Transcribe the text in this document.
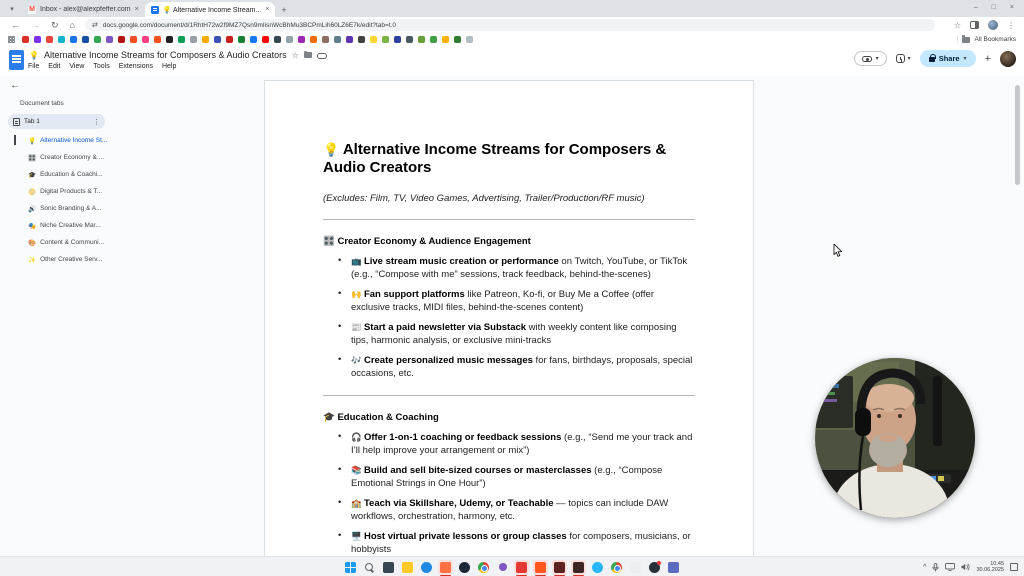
▾	M Inbox - alex@alexpfeffer.com ×	💡 Alternative Income Stream... × +	– □ ×
← → ↻ ⌂ ⇄ docs.google.com/document/d/1RhtH72w2f9MZ7Qsn9mIisnWcBhMu3BCPmLih60LZ6E7k/edit?tab=t.0	☆	⋮
| All Bookmarks
💡 Alternative Income Streams for Composers & Audio Creators ☆
File Edit View Tools Extensions Help
▾	▾	Share ▾ +
←
Document tabs
Tab 1	⋮
💡 Alternative Income St...
🎛️ Creator Economy & ...
🎓 Education & Coachi...
📀 Digital Products & T...
🔊 Sonic Branding & A...
🎭 Niche Creative Mar...
🎨 Content & Communi...
✨ Other Creative Serv...
💡 Alternative Income Streams for Composers & Audio Creators
(Excludes: Film, TV, Video Games, Advertising, Trailer/Production/RF music)
🎛️ Creator Economy & Audience Engagement
• 📺 Live stream music creation or performance on Twitch, YouTube, or TikTok (e.g., “Compose with me” sessions, track feedback, behind-the-scenes)
• 🙌 Fan support platforms like Patreon, Ko-fi, or Buy Me a Coffee (offer exclusive tracks, MIDI files, behind-the-scenes content)
• 📰 Start a paid newsletter via Substack with weekly content like composing tips, harmonic analysis, or exclusive mini-tracks
• 🎶 Create personalized music messages for fans, birthdays, proposals, special occasions, etc.
🎓 Education & Coaching
• 🎧 Offer 1-on-1 coaching or feedback sessions (e.g., “Send me your track and I’ll help improve your arrangement or mix”)
• 📚 Build and sell bite-sized courses or masterclasses (e.g., “Compose Emotional Strings in One Hour”)
• 🏫 Teach via Skillshare, Udemy, or Teachable — topics can include DAW workflows, orchestration, harmony, etc.
• 🖥️ Host virtual private lessons or group classes for composers, musicians, or hobbyists
^	10:45
30.06.2025
